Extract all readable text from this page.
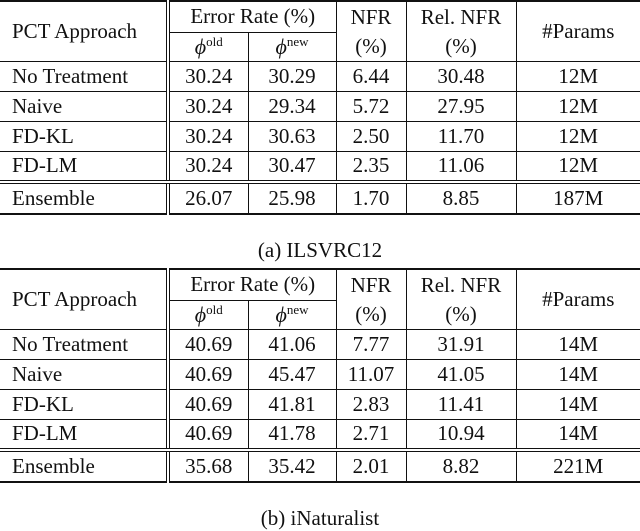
PCT Approach	Error Rate (%)		NFR	Rel. NFR	#Params
	$\phi^{old}$	$\phi^{new}$	(%)	(%)	
No Treatment	30.24	30.29	6.44	30.48	12M
Naive	30.24	29.34	5.72	27.95	12M
FD-KL	30.24	30.63	2.50	11.70	12M
FD-LM	30.24	30.47	2.35	11.06	12M
Ensemble	26.07	25.98	1.70	8.85	187M
(a) ILSVRC12
PCT Approach	Error Rate (%)		NFR	Rel. NFR	#Params
	$\phi^{old}$	$\phi^{new}$	(%)	(%)	
No Treatment	40.69	41.06	7.77	31.91	14M
Naive	40.69	45.47	11.07	41.05	14M
FD-KL	40.69	41.81	2.83	11.41	14M
FD-LM	40.69	41.78	2.71	10.94	14M
Ensemble	35.68	35.42	2.01	8.82	221M
(b) iNaturalist
